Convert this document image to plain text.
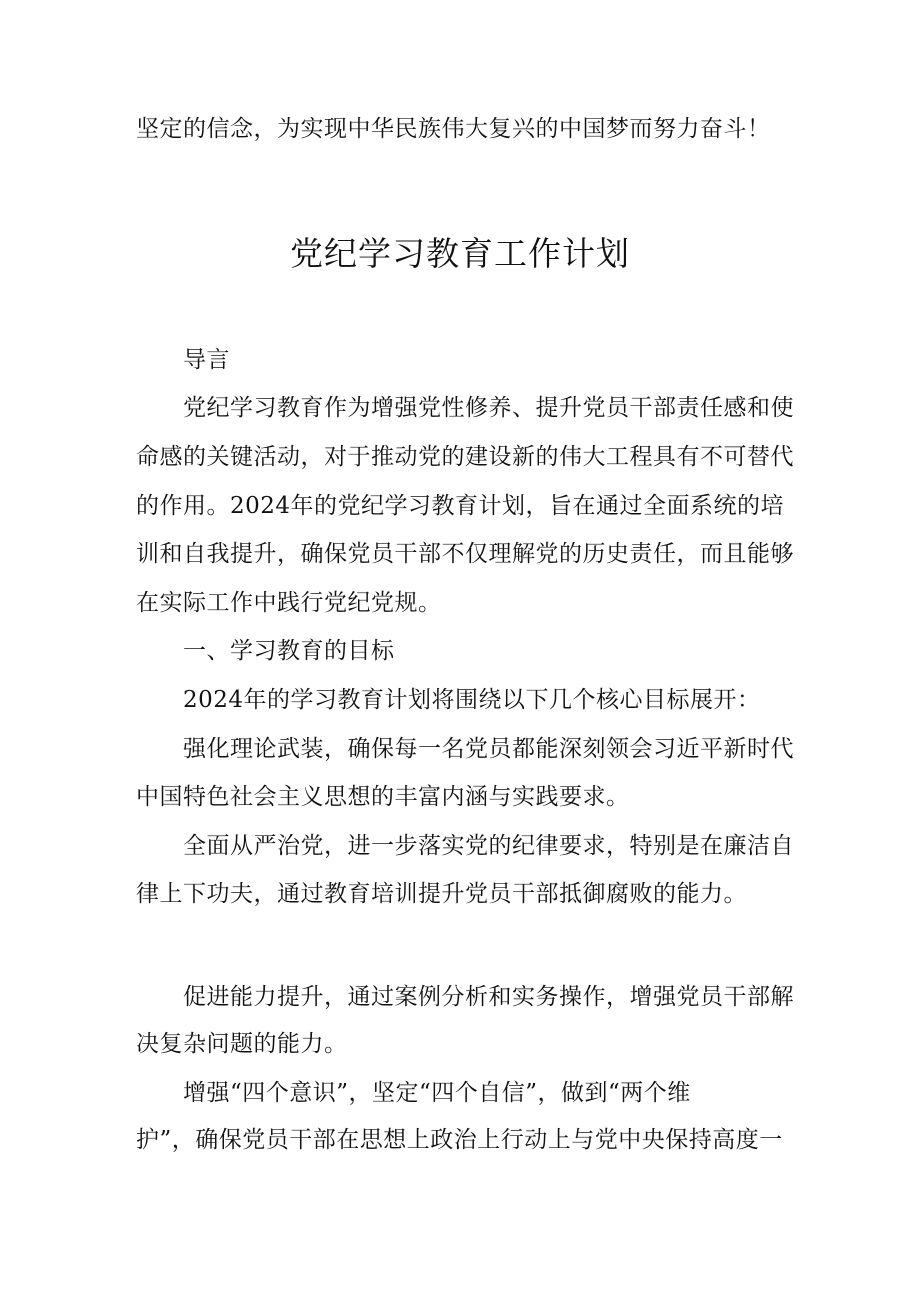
坚定的信念，为实现中华民族伟大复兴的中国梦而努力奋斗！
党纪学习教育工作计划
导言
党纪学习教育作为增强党性修养、提升党员干部责任感和使
命感的关键活动，对于推动党的建设新的伟大工程具有不可替代
的作用。2024年的党纪学习教育计划，旨在通过全面系统的培
训和自我提升，确保党员干部不仅理解党的历史责任，而且能够
在实际工作中践行党纪党规。
一、学习教育的目标
2024年的学习教育计划将围绕以下几个核心目标展开：
强化理论武装，确保每一名党员都能深刻领会习近平新时代
中国特色社会主义思想的丰富内涵与实践要求。
全面从严治党，进一步落实党的纪律要求，特别是在廉洁自
律上下功夫，通过教育培训提升党员干部抵御腐败的能力。
促进能力提升，通过案例分析和实务操作，增强党员干部解
决复杂问题的能力。
增强“四个意识”，坚定“四个自信”，做到“两个维
护”，确保党员干部在思想上政治上行动上与党中央保持高度一
